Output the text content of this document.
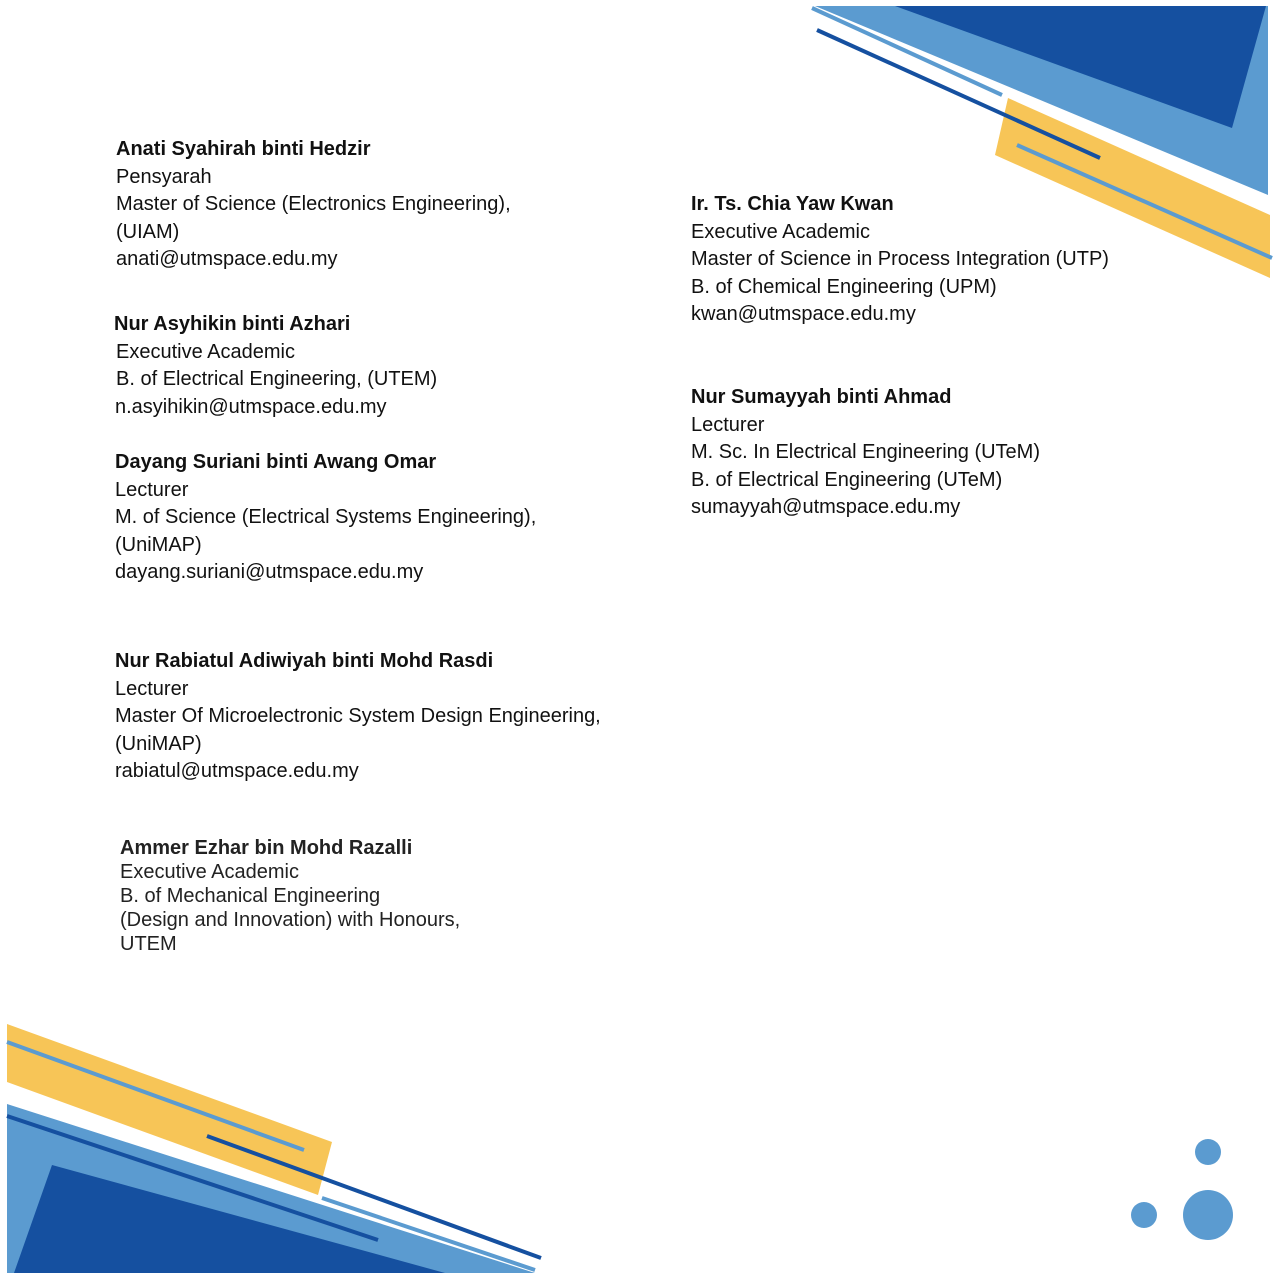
Anati Syahirah binti Hedzir
Pensyarah
Master of Science (Electronics Engineering),
(UIAM)
anati@utmspace.edu.my
Nur Asyhikin binti Azhari
Executive Academic
B. of Electrical Engineering, (UTEM)
n.asyihikin@utmspace.edu.my
Dayang Suriani binti Awang Omar
Lecturer
M. of Science (Electrical Systems Engineering),
(UniMAP)
dayang.suriani@utmspace.edu.my
Nur Rabiatul Adiwiyah binti Mohd Rasdi
Lecturer
Master Of Microelectronic System Design Engineering,
(UniMAP)
rabiatul@utmspace.edu.my
Ammer Ezhar bin Mohd Razalli
Executive Academic
B. of Mechanical Engineering
(Design and Innovation) with Honours,
UTEM
Ir. Ts. Chia Yaw Kwan
Executive Academic
Master of Science in Process Integration (UTP)
B. of Chemical Engineering (UPM)
kwan@utmspace.edu.my
Nur Sumayyah binti Ahmad
Lecturer
M. Sc. In Electrical Engineering (UTeM)
B. of Electrical Engineering (UTeM)
sumayyah@utmspace.edu.my
